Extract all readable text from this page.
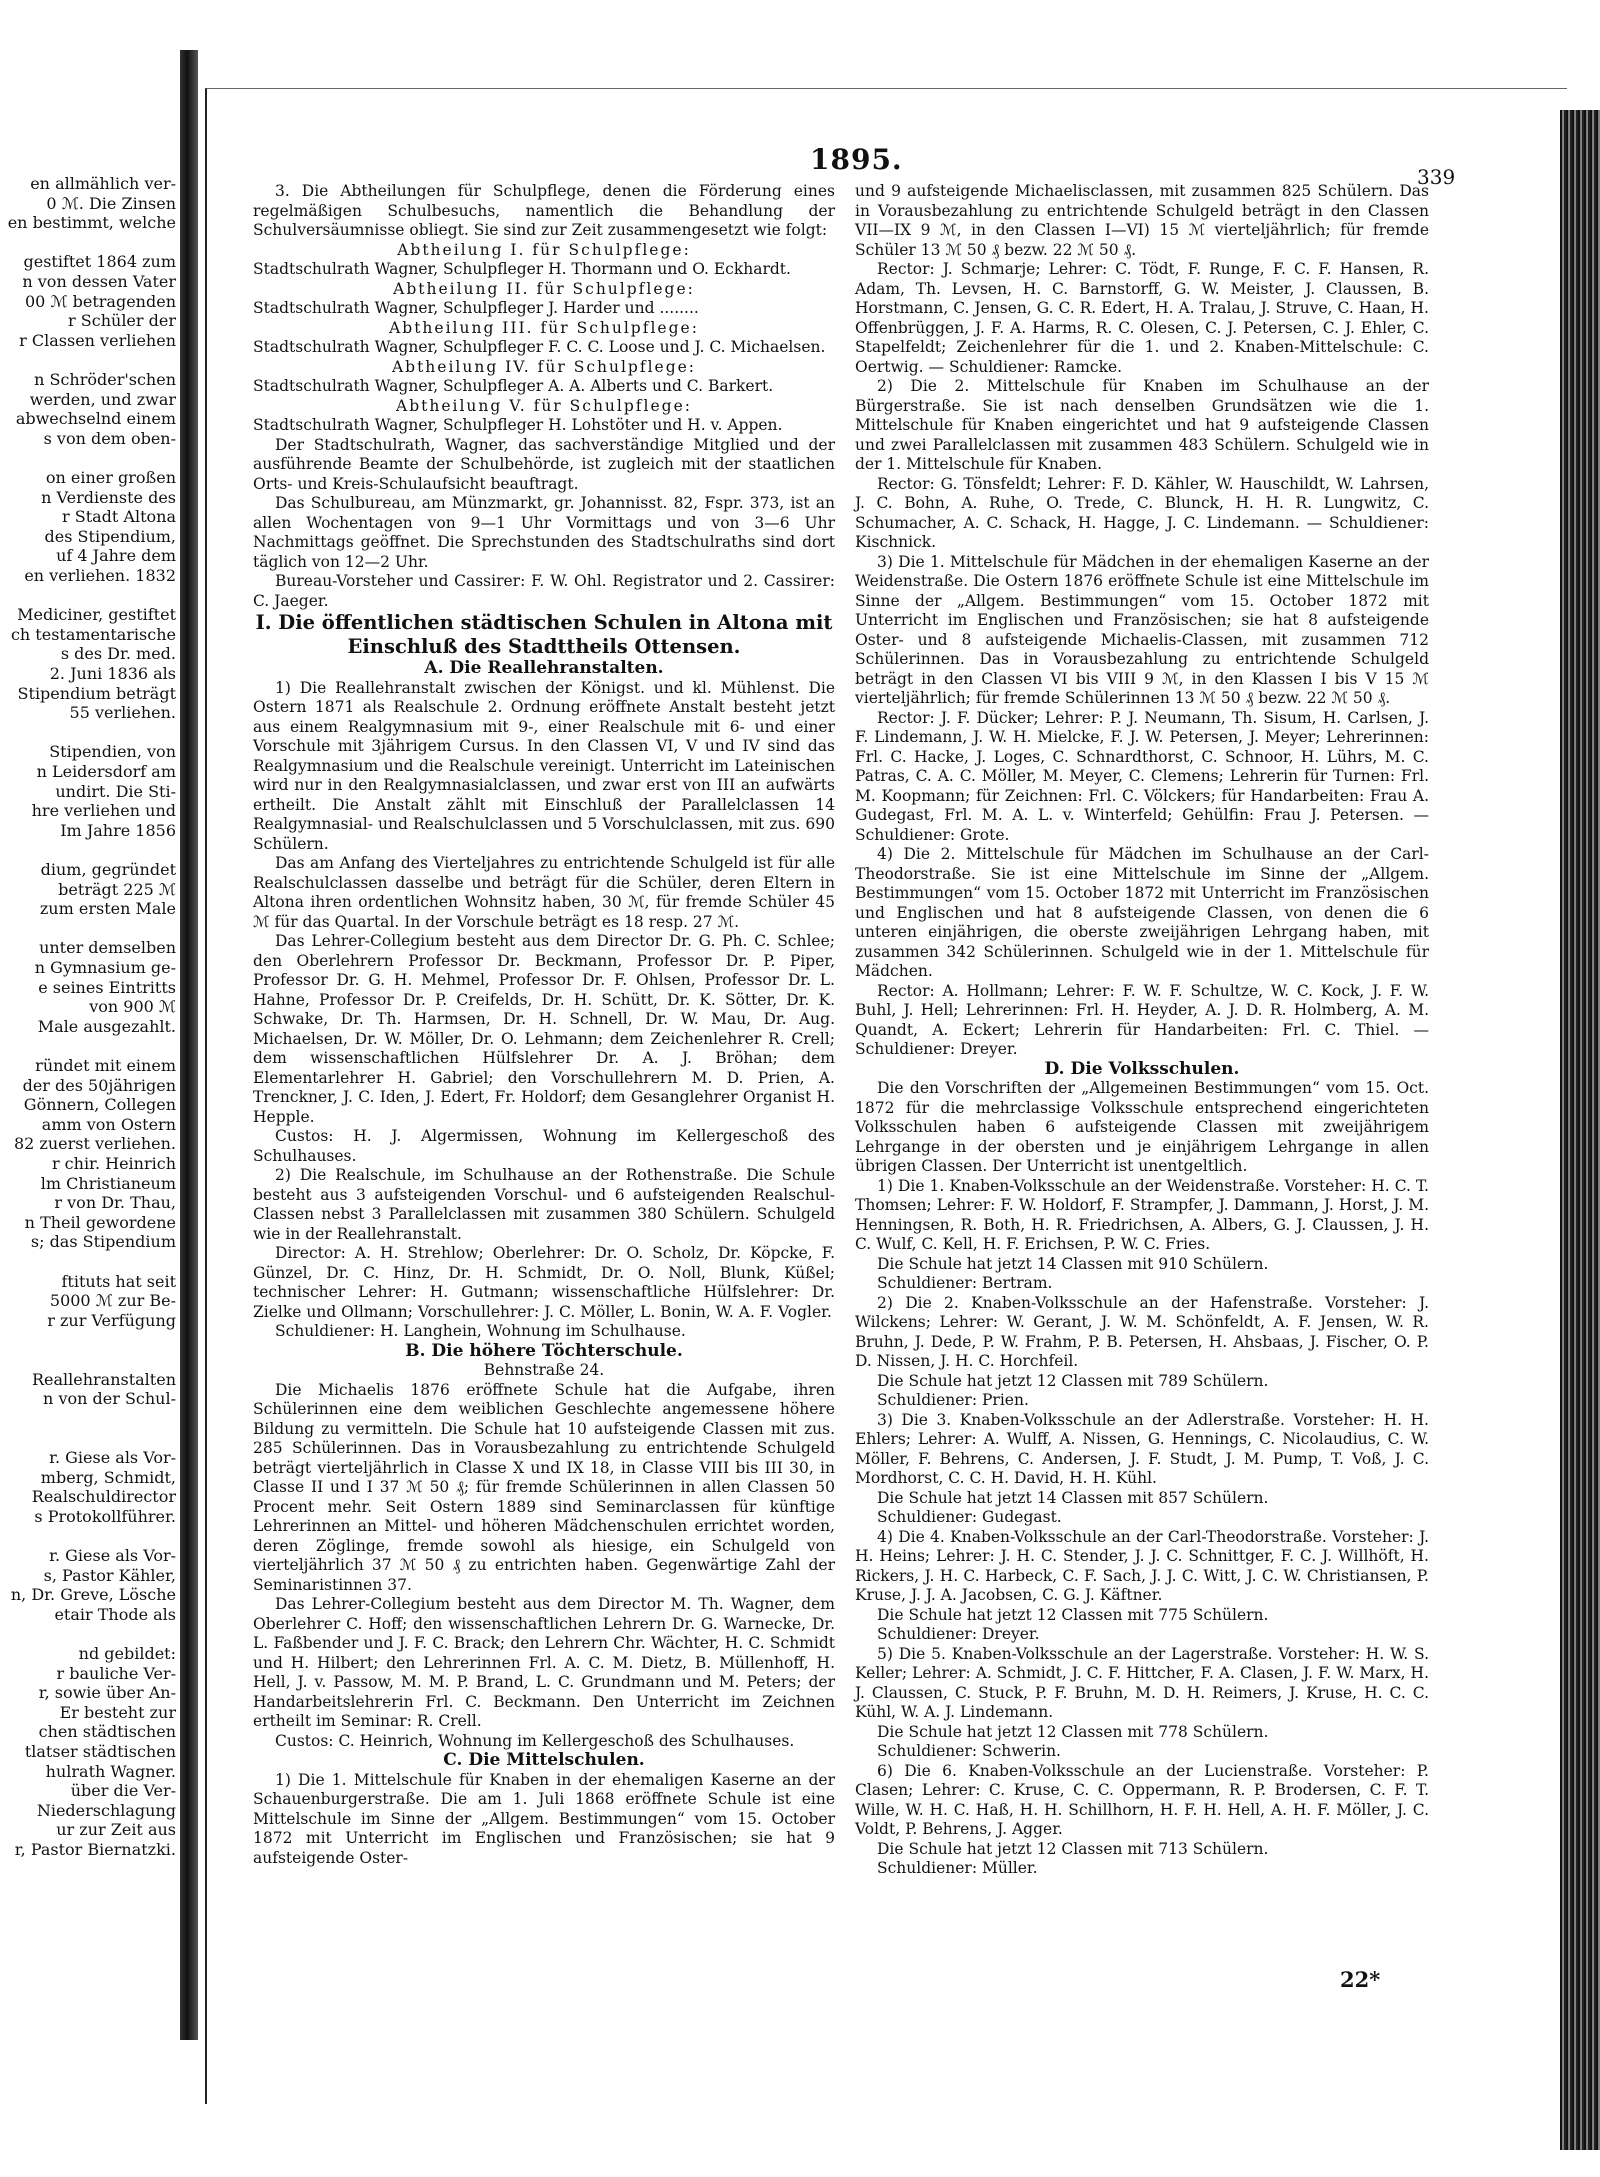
en allmählich ver-
0 ℳ. Die Zinsen
en bestimmt, welche
gestiftet 1864 zum
n von dessen Vater
00 ℳ betragenden
r Schüler der
r Classen verliehen
n Schröder'schen
werden, und zwar
abwechselnd einem
s von dem oben-
on einer großen
n Verdienste des
r Stadt Altona
des Stipendium,
uf 4 Jahre dem
en verliehen. 1832
Mediciner, gestiftet
ch testamentarische
s des Dr. med.
2. Juni 1836 als
Stipendium beträgt
55 verliehen.
Stipendien, von
n Leidersdorf am
undirt. Die Sti-
hre verliehen und
Im Jahre 1856
dium, gegründet
beträgt 225 ℳ
zum ersten Male
unter demselben
n Gymnasium ge-
e seines Eintritts
von 900 ℳ
Male ausgezahlt.
ründet mit einem
der des 50jährigen
Gönnern, Collegen
amm von Ostern
82 zuerst verliehen.
r chir. Heinrich
lm Christianeum
r von Dr. Thau,
n Theil gewordene
s; das Stipendium
ftituts hat seit
5000 ℳ zur Be-
r zur Verfügung
Reallehranstalten
n von der Schul-
r. Giese als Vor-
mberg, Schmidt,
Realschuldirector
s Protokollführer.
r. Giese als Vor-
s, Pastor Kähler,
n, Dr. Greve, Lösche
etair Thode als
nd gebildet:
r bauliche Ver-
r, sowie über An-
Er besteht zur
chen städtischen
tlatser städtischen
hulrath Wagner.
über die Ver-
Niederschlagung
ur zur Zeit aus
r, Pastor Biernatzki.
1895.
339

3. Die Abtheilungen für Schulpflege, denen die Förderung eines regelmäßigen Schulbesuchs, namentlich die Behandlung der Schulversäumnisse obliegt. Sie sind zur Zeit zusammengesetzt wie folgt:

Abtheilung I. für Schulpflege:

Stadtschulrath Wagner, Schulpfleger H. Thormann und O. Eckhardt.

Abtheilung II. für Schulpflege:

Stadtschulrath Wagner, Schulpfleger J. Harder und ........

Abtheilung III. für Schulpflege:

Stadtschulrath Wagner, Schulpfleger F. C. C. Loose und J. C. Michaelsen.

Abtheilung IV. für Schulpflege:

Stadtschulrath Wagner, Schulpfleger A. A. Alberts und C. Barkert.

Abtheilung V. für Schulpflege:

Stadtschulrath Wagner, Schulpfleger H. Lohstöter und H. v. Appen.

Der Stadtschulrath, Wagner, das sachverständige Mitglied und der ausführende Beamte der Schulbehörde, ist zugleich mit der staatlichen Orts- und Kreis-Schulaufsicht beauftragt.

Das Schulbureau, am Münzmarkt, gr. Johannisst. 82, Fspr. 373, ist an allen Wochentagen von 9—1 Uhr Vormittags und von 3—6 Uhr Nachmittags geöffnet. Die Sprechstunden des Stadtschulraths sind dort täglich von 12—2 Uhr.

Bureau-Vorsteher und Cassirer: F. W. Ohl. Registrator und 2. Cassirer: C. Jaeger.

I. Die öffentlichen städtischen Schulen in Altona mit Einschluß des Stadttheils Ottensen.

A. Die Reallehranstalten.

1) Die Reallehranstalt zwischen der Königst. und kl. Mühlenst. Die Ostern 1871 als Realschule 2. Ordnung eröffnete Anstalt besteht jetzt aus einem Realgymnasium mit 9-, einer Realschule mit 6- und einer Vorschule mit 3jährigem Cursus. In den Classen VI, V und IV sind das Realgymnasium und die Realschule vereinigt. Unterricht im Lateinischen wird nur in den Realgymnasialclassen, und zwar erst von III an aufwärts ertheilt. Die Anstalt zählt mit Einschluß der Parallelclassen 14 Realgymnasial- und Realschulclassen und 5 Vorschulclassen, mit zus. 690 Schülern.

Das am Anfang des Vierteljahres zu entrichtende Schulgeld ist für alle Realschulclassen dasselbe und beträgt für die Schüler, deren Eltern in Altona ihren ordentlichen Wohnsitz haben, 30 ℳ, für fremde Schüler 45 ℳ für das Quartal. In der Vorschule beträgt es 18 resp. 27 ℳ.

Das Lehrer-Collegium besteht aus dem Director Dr. G. Ph. C. Schlee; den Oberlehrern Professor Dr. Beckmann, Professor Dr. P. Piper, Professor Dr. G. H. Mehmel, Professor Dr. F. Ohlsen, Professor Dr. L. Hahne, Professor Dr. P. Creifelds, Dr. H. Schütt, Dr. K. Sötter, Dr. K. Schwake, Dr. Th. Harmsen, Dr. H. Schnell, Dr. W. Mau, Dr. Aug. Michaelsen, Dr. W. Möller, Dr. O. Lehmann; dem Zeichenlehrer R. Crell; dem wissenschaftlichen Hülfslehrer Dr. A. J. Bröhan; dem Elementarlehrer H. Gabriel; den Vorschullehrern M. D. Prien, A. Trenckner, J. C. Iden, J. Edert, Fr. Holdorf; dem Gesanglehrer Organist H. Hepple.

Custos: H. J. Algermissen, Wohnung im Kellergeschoß des Schulhauses.

2) Die Realschule, im Schulhause an der Rothenstraße. Die Schule besteht aus 3 aufsteigenden Vorschul- und 6 aufsteigenden Realschul-Classen nebst 3 Parallelclassen mit zusammen 380 Schülern. Schulgeld wie in der Reallehranstalt.

Director: A. H. Strehlow; Oberlehrer: Dr. O. Scholz, Dr. Köpcke, F. Günzel, Dr. C. Hinz, Dr. H. Schmidt, Dr. O. Noll, Blunk, Küßel; technischer Lehrer: H. Gutmann; wissenschaftliche Hülfslehrer: Dr. Zielke und Ollmann; Vorschullehrer: J. C. Möller, L. Bonin, W. A. F. Vogler.

Schuldiener: H. Langhein, Wohnung im Schulhause.

B. Die höhere Töchterschule.

Behnstraße 24.

Die Michaelis 1876 eröffnete Schule hat die Aufgabe, ihren Schülerinnen eine dem weiblichen Geschlechte angemessene höhere Bildung zu vermitteln. Die Schule hat 10 aufsteigende Classen mit zus. 285 Schülerinnen. Das in Vorausbezahlung zu entrichtende Schulgeld beträgt vierteljährlich in Classe X und IX 18, in Classe VIII bis III 30, in Classe II und I 37 ℳ 50 ₰; für fremde Schülerinnen in allen Classen 50 Procent mehr. Seit Ostern 1889 sind Seminarclassen für künftige Lehrerinnen an Mittel- und höheren Mädchenschulen errichtet worden, deren Zöglinge, fremde sowohl als hiesige, ein Schulgeld von vierteljährlich 37 ℳ 50 ₰ zu entrichten haben. Gegenwärtige Zahl der Seminaristinnen 37.

Das Lehrer-Collegium besteht aus dem Director M. Th. Wagner, dem Oberlehrer C. Hoff; den wissenschaftlichen Lehrern Dr. G. Warnecke, Dr. L. Faßbender und J. F. C. Brack; den Lehrern Chr. Wächter, H. C. Schmidt und H. Hilbert; den Lehrerinnen Frl. A. C. M. Dietz, B. Müllenhoff, H. Hell, J. v. Passow, M. M. P. Brand, L. C. Grundmann und M. Peters; der Handarbeitslehrerin Frl. C. Beckmann. Den Unterricht im Zeichnen ertheilt im Seminar: R. Crell.

Custos: C. Heinrich, Wohnung im Kellergeschoß des Schulhauses.

C. Die Mittelschulen.

1) Die 1. Mittelschule für Knaben in der ehemaligen Kaserne an der Schauenburgerstraße. Die am 1. Juli 1868 eröffnete Schule ist eine Mittelschule im Sinne der „Allgem. Bestimmungen“ vom 15. October 1872 mit Unterricht im Englischen und Französischen; sie hat 9 aufsteigende Oster-

und 9 aufsteigende Michaelisclassen, mit zusammen 825 Schülern. Das in Vorausbezahlung zu entrichtende Schulgeld beträgt in den Classen VII—IX 9 ℳ, in den Classen I—VI) 15 ℳ vierteljährlich; für fremde Schüler 13 ℳ 50 ₰ bezw. 22 ℳ 50 ₰.

Rector: J. Schmarje; Lehrer: C. Tödt, F. Runge, F. C. F. Hansen, R. Adam, Th. Levsen, H. C. Barnstorff, G. W. Meister, J. Claussen, B. Horstmann, C. Jensen, G. C. R. Edert, H. A. Tralau, J. Struve, C. Haan, H. Offenbrüggen, J. F. A. Harms, R. C. Olesen, C. J. Petersen, C. J. Ehler, C. Stapelfeldt; Zeichenlehrer für die 1. und 2. Knaben-Mittelschule: C. Oertwig. — Schuldiener: Ramcke.

2) Die 2. Mittelschule für Knaben im Schulhause an der Bürgerstraße. Sie ist nach denselben Grundsätzen wie die 1. Mittelschule für Knaben eingerichtet und hat 9 aufsteigende Classen und zwei Parallelclassen mit zusammen 483 Schülern. Schulgeld wie in der 1. Mittelschule für Knaben.

Rector: G. Tönsfeldt; Lehrer: F. D. Kähler, W. Hauschildt, W. Lahrsen, J. C. Bohn, A. Ruhe, O. Trede, C. Blunck, H. H. R. Lungwitz, C. Schumacher, A. C. Schack, H. Hagge, J. C. Lindemann. — Schuldiener: Kischnick.

3) Die 1. Mittelschule für Mädchen in der ehemaligen Kaserne an der Weidenstraße. Die Ostern 1876 eröffnete Schule ist eine Mittelschule im Sinne der „Allgem. Bestimmungen“ vom 15. October 1872 mit Unterricht im Englischen und Französischen; sie hat 8 aufsteigende Oster- und 8 aufsteigende Michaelis-Classen, mit zusammen 712 Schülerinnen. Das in Vorausbezahlung zu entrichtende Schulgeld beträgt in den Classen VI bis VIII 9 ℳ, in den Klassen I bis V 15 ℳ vierteljährlich; für fremde Schülerinnen 13 ℳ 50 ₰ bezw. 22 ℳ 50 ₰.

Rector: J. F. Dücker; Lehrer: P. J. Neumann, Th. Sisum, H. Carlsen, J. F. Lindemann, J. W. H. Mielcke, F. J. W. Petersen, J. Meyer; Lehrerinnen: Frl. C. Hacke, J. Loges, C. Schnardthorst, C. Schnoor, H. Lührs, M. C. Patras, C. A. C. Möller, M. Meyer, C. Clemens; Lehrerin für Turnen: Frl. M. Koopmann; für Zeichnen: Frl. C. Völckers; für Handarbeiten: Frau A. Gudegast, Frl. M. A. L. v. Winterfeld; Gehülfin: Frau J. Petersen. — Schuldiener: Grote.

4) Die 2. Mittelschule für Mädchen im Schulhause an der Carl-Theodorstraße. Sie ist eine Mittelschule im Sinne der „Allgem. Bestimmungen“ vom 15. October 1872 mit Unterricht im Französischen und Englischen und hat 8 aufsteigende Classen, von denen die 6 unteren einjährigen, die oberste zweijährigen Lehrgang haben, mit zusammen 342 Schülerinnen. Schulgeld wie in der 1. Mittelschule für Mädchen.

Rector: A. Hollmann; Lehrer: F. W. F. Schultze, W. C. Kock, J. F. W. Buhl, J. Hell; Lehrerinnen: Frl. H. Heyder, A. J. D. R. Holmberg, A. M. Quandt, A. Eckert; Lehrerin für Handarbeiten: Frl. C. Thiel. — Schuldiener: Dreyer.

D. Die Volksschulen.

Die den Vorschriften der „Allgemeinen Bestimmungen“ vom 15. Oct. 1872 für die mehrclassige Volksschule entsprechend eingerichteten Volksschulen haben 6 aufsteigende Classen mit zweijährigem Lehrgange in der obersten und je einjährigem Lehrgange in allen übrigen Classen. Der Unterricht ist unentgeltlich.

1) Die 1. Knaben-Volksschule an der Weidenstraße. Vorsteher: H. C. T. Thomsen; Lehrer: F. W. Holdorf, F. Strampfer, J. Dammann, J. Horst, J. M. Henningsen, R. Both, H. R. Friedrichsen, A. Albers, G. J. Claussen, J. H. C. Wulf, C. Kell, H. F. Erichsen, P. W. C. Fries.

Die Schule hat jetzt 14 Classen mit 910 Schülern.

Schuldiener: Bertram.

2) Die 2. Knaben-Volksschule an der Hafenstraße. Vorsteher: J. Wilckens; Lehrer: W. Gerant, J. W. M. Schönfeldt, A. F. Jensen, W. R. Bruhn, J. Dede, P. W. Frahm, P. B. Petersen, H. Ahsbaas, J. Fischer, O. P. D. Nissen, J. H. C. Horchfeil.

Die Schule hat jetzt 12 Classen mit 789 Schülern.

Schuldiener: Prien.

3) Die 3. Knaben-Volksschule an der Adlerstraße. Vorsteher: H. H. Ehlers; Lehrer: A. Wulff, A. Nissen, G. Hennings, C. Nicolaudius, C. W. Möller, F. Behrens, C. Andersen, J. F. Studt, J. M. Pump, T. Voß, J. C. Mordhorst, C. C. H. David, H. H. Kühl.

Die Schule hat jetzt 14 Classen mit 857 Schülern.

Schuldiener: Gudegast.

4) Die 4. Knaben-Volksschule an der Carl-Theodorstraße. Vorsteher: J. H. Heins; Lehrer: J. H. C. Stender, J. J. C. Schnittger, F. C. J. Willhöft, H. Rickers, J. H. C. Harbeck, C. F. Sach, J. J. C. Witt, J. C. W. Christiansen, P. Kruse, J. J. A. Jacobsen, C. G. J. Käftner.

Die Schule hat jetzt 12 Classen mit 775 Schülern.

Schuldiener: Dreyer.

5) Die 5. Knaben-Volksschule an der Lagerstraße. Vorsteher: H. W. S. Keller; Lehrer: A. Schmidt, J. C. F. Hittcher, F. A. Clasen, J. F. W. Marx, H. J. Claussen, C. Stuck, P. F. Bruhn, M. D. H. Reimers, J. Kruse, H. C. C. Kühl, W. A. J. Lindemann.

Die Schule hat jetzt 12 Classen mit 778 Schülern.

Schuldiener: Schwerin.

6) Die 6. Knaben-Volksschule an der Lucienstraße. Vorsteher: P. Clasen; Lehrer: C. Kruse, C. C. Oppermann, R. P. Brodersen, C. F. T. Wille, W. H. C. Haß, H. H. Schillhorn, H. F. H. Hell, A. H. F. Möller, J. C. Voldt, P. Behrens, J. Agger.

Die Schule hat jetzt 12 Classen mit 713 Schülern.

Schuldiener: Müller.

22*
